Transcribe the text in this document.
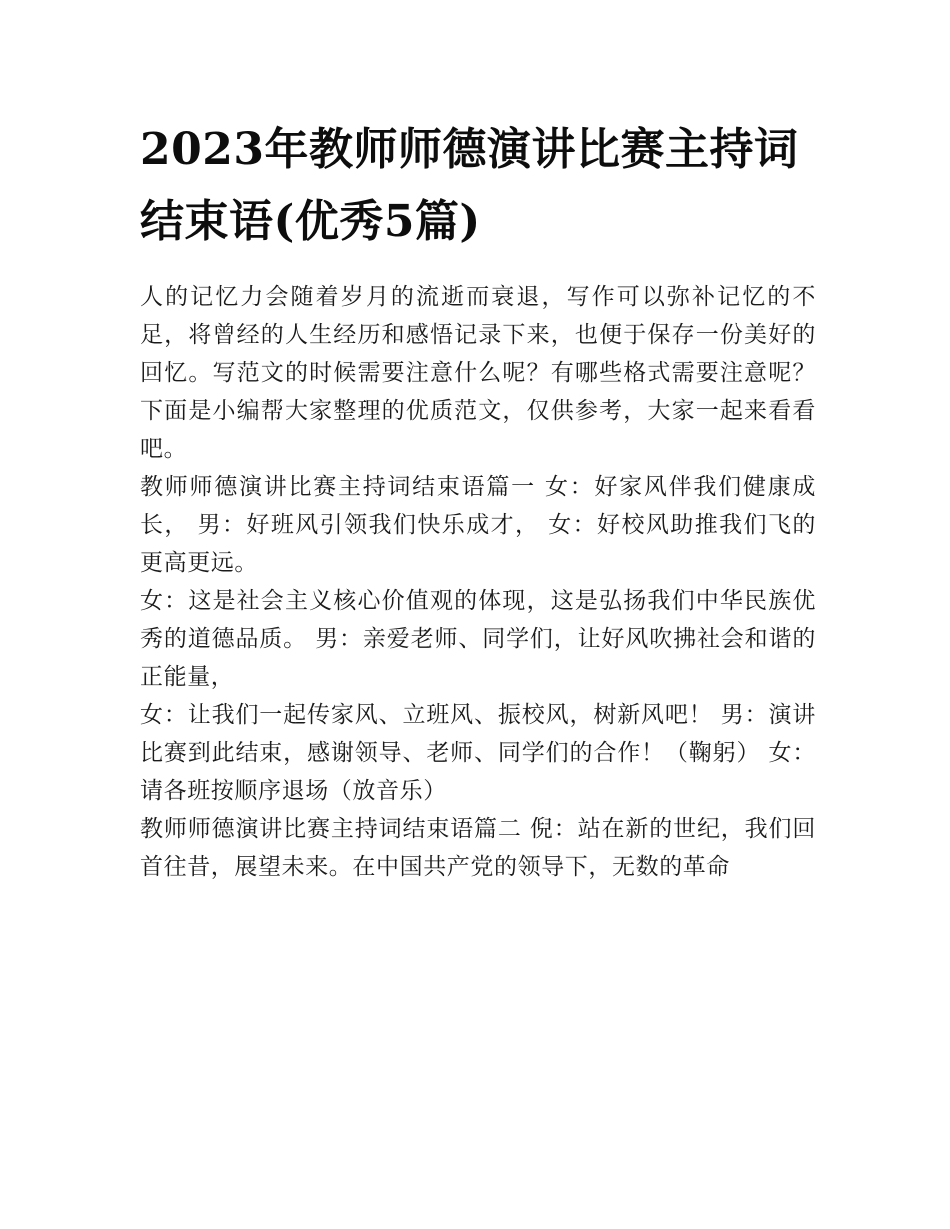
2023年教师师德演讲比赛主持词结束语(优秀5篇)

人的记忆力会随着岁月的流逝而衰退，写作可以弥补记忆的不足，将曾经的人生经历和感悟记录下来，也便于保存一份美好的回忆。写范文的时候需要注意什么呢？有哪些格式需要注意呢？下面是小编帮大家整理的优质范文，仅供参考，大家一起来看看吧。

教师师德演讲比赛主持词结束语篇一 女：好家风伴我们健康成长， 男：好班风引领我们快乐成才， 女：好校风助推我们飞的更高更远。

女：这是社会主义核心价值观的体现，这是弘扬我们中华民族优秀的道德品质。 男：亲爱老师、同学们，让好风吹拂社会和谐的正能量，

女：让我们一起传家风、立班风、振校风，树新风吧！ 男：演讲比赛到此结束，感谢领导、老师、同学们的合作！（鞠躬） 女：请各班按顺序退场（放音乐）

教师师德演讲比赛主持词结束语篇二 倪：站在新的世纪，我们回首往昔，展望未来。在中国共产党的领导下，无数的革命
